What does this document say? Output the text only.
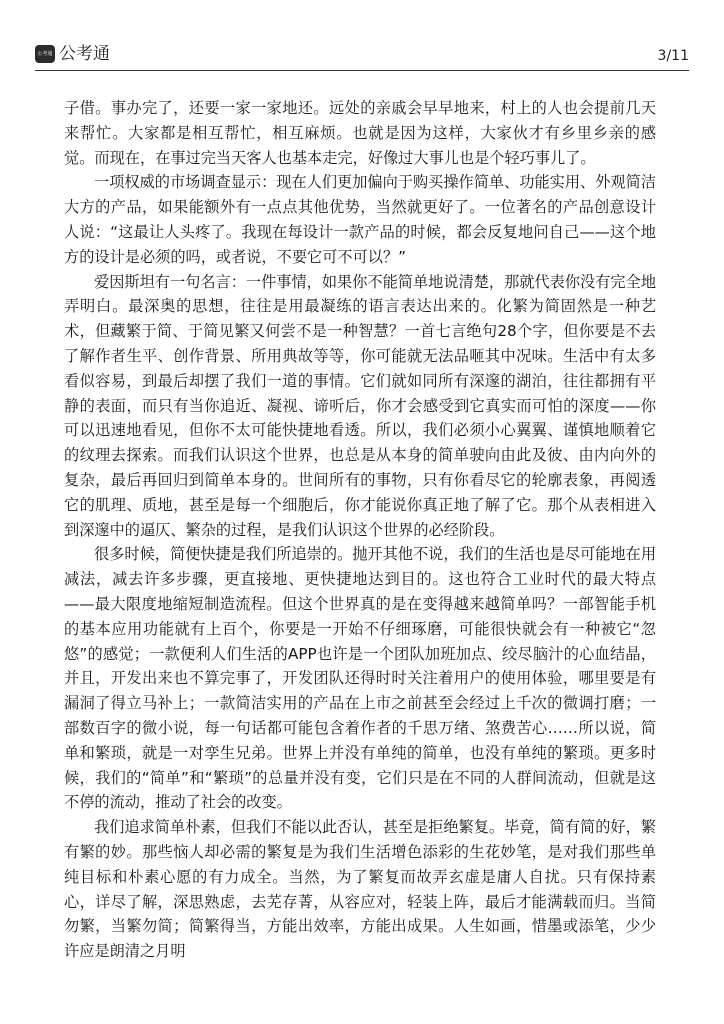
公考通 公考通	3/11

子借。事办完了，还要一家一家地还。远处的亲戚会早早地来，村上的人也会提前几天来帮忙。大家都是相互帮忙，相互麻烦。也就是因为这样，大家伙才有乡里乡亲的感觉。而现在，在事过完当天客人也基本走完，好像过大事儿也是个轻巧事儿了。

一项权威的市场调查显示：现在人们更加偏向于购买操作简单、功能实用、外观简洁大方的产品，如果能额外有一点点其他优势，当然就更好了。一位著名的产品创意设计人说：“这最让人头疼了。我现在每设计一款产品的时候，都会反复地问自己——这个地方的设计是必须的吗，或者说，不要它可不可以？”

爱因斯坦有一句名言：一件事情，如果你不能简单地说清楚，那就代表你没有完全地弄明白。最深奥的思想，往往是用最凝练的语言表达出来的。化繁为简固然是一种艺术，但藏繁于简、于简见繁又何尝不是一种智慧？一首七言绝句28个字，但你要是不去了解作者生平、创作背景、所用典故等等，你可能就无法品咂其中况味。生活中有太多看似容易，到最后却摆了我们一道的事情。它们就如同所有深邃的湖泊，往往都拥有平静的表面，而只有当你追近、凝视、谛听后，你才会感受到它真实而可怕的深度——你可以迅速地看见，但你不太可能快捷地看透。所以，我们必须小心翼翼、谨慎地顺着它的纹理去探索。而我们认识这个世界，也总是从本身的简单驶向由此及彼、由内向外的复杂，最后再回归到简单本身的。世间所有的事物，只有你看尽它的轮廓表象，再阅透它的肌理、质地，甚至是每一个细胞后，你才能说你真正地了解了它。那个从表相进入到深邃中的逼仄、繁杂的过程，是我们认识这个世界的必经阶段。

很多时候，简便快捷是我们所追崇的。抛开其他不说，我们的生活也是尽可能地在用减法，减去许多步骤，更直接地、更快捷地达到目的。这也符合工业时代的最大特点——最大限度地缩短制造流程。但这个世界真的是在变得越来越简单吗？一部智能手机的基本应用功能就有上百个，你要是一开始不仔细琢磨，可能很快就会有一种被它“忽悠”的感觉；一款便利人们生活的APP也许是一个团队加班加点、绞尽脑汁的心血结晶，并且，开发出来也不算完事了，开发团队还得时时关注着用户的使用体验，哪里要是有漏洞了得立马补上；一款简洁实用的产品在上市之前甚至会经过上千次的微调打磨；一部数百字的微小说，每一句话都可能包含着作者的千思万绪、煞费苦心……所以说，简单和繁琐，就是一对孪生兄弟。世界上并没有单纯的简单，也没有单纯的繁琐。更多时候，我们的“简单”和“繁琐”的总量并没有变，它们只是在不同的人群间流动，但就是这不停的流动，推动了社会的改变。

我们追求简单朴素，但我们不能以此否认，甚至是拒绝繁复。毕竟，简有简的好，繁有繁的妙。那些恼人却必需的繁复是为我们生活增色添彩的生花妙笔，是对我们那些单纯目标和朴素心愿的有力成全。当然，为了繁复而故弄玄虚是庸人自扰。只有保持素心，详尽了解，深思熟虑，去芜存菁，从容应对，轻装上阵，最后才能满载而归。当简勿繁，当繁勿简；简繁得当，方能出效率，方能出成果。人生如画，惜墨或添笔，少少许应是朗清之月明
